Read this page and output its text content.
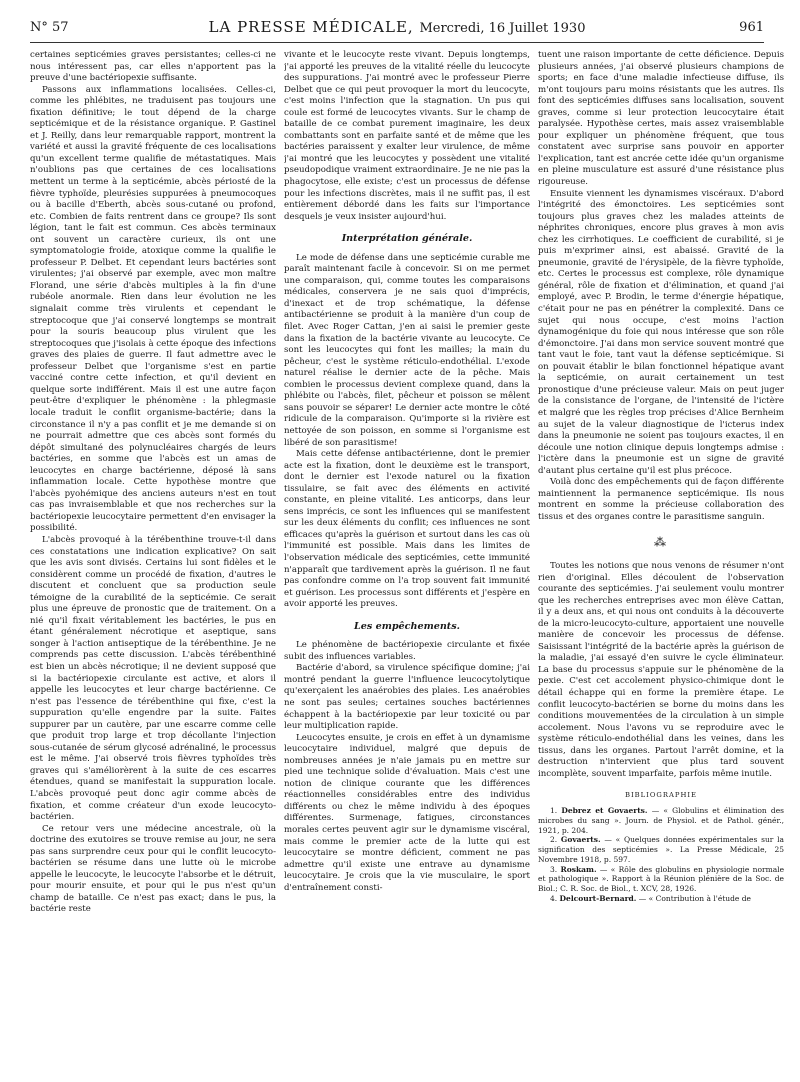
N° 57	LA PRESSE MÉDICALE, Mercredi, 16 Juillet 1930	961

certaines septicémies graves persistantes; celles-ci ne nous intéressent pas, car elles n'apportent pas la preuve d'une bactériopexie suffisante.

Passons aux inflammations localisées. Celles-ci, comme les phlébites, ne traduisent pas toujours une fixation définitive; le tout dépend de la charge septicémique et de la résistance organique. P. Gastinel et J. Reilly, dans leur remarquable rapport, montrent la variété et aussi la gravité fréquente de ces localisations qu'un excellent terme qualifie de métastatiques. Mais n'oublions pas que certaines de ces localisations mettent un terme à la septicémie, abcès périosté de la fièvre typhoïde, pleurésies suppurées à pneumocoques ou à bacille d'Eberth, abcès sous-cutané ou profond, etc. Combien de faits rentrent dans ce groupe? Ils sont légion, tant le fait est commun. Ces abcès terminaux ont souvent un caractère curieux, ils ont une symptomatologie froide, atoxique comme la qualifie le professeur P. Delbet. Et cependant leurs bactéries sont virulentes; j'ai observé par exemple, avec mon maître Florand, une série d'abcès multiples à la fin d'une rubéole anormale. Rien dans leur évolution ne les signalait comme très virulents et cependant le streptocoque que j'ai conservé longtemps se montrait pour la souris beaucoup plus virulent que les streptocoques que j'isolais à cette époque des infections graves des plaies de guerre. Il faut admettre avec le professeur Delbet que l'organisme s'est en partie vacciné contre cette infection, et qu'il devient en quelque sorte indifférent. Mais il est une autre façon peut-être d'expliquer le phénomène : la phlegmasie locale traduit le conflit organisme-bactérie; dans la circonstance il n'y a pas conflit et je me demande si on ne pourrait admettre que ces abcès sont formés du dépôt simultané des polynucléaires chargés de leurs bactéries, en somme que l'abcès est un amas de leucocytes en charge bactérienne, déposé là sans inflammation locale. Cette hypothèse montre que l'abcès pyohémique des anciens auteurs n'est en tout cas pas invraisemblable et que nos recherches sur la bactériopexie leucocytaire permettent d'en envisager la possibilité.

L'abcès provoqué à la térébenthine trouve-t-il dans ces constatations une indication explicative? On sait que les avis sont divisés. Certains lui sont fidèles et le considèrent comme un procédé de fixation, d'autres le discutent et concluent que sa production seule témoigne de la curabilité de la septicémie. Ce serait plus une épreuve de pronostic que de traitement. On a nié qu'il fixait véritablement les bactéries, le pus en étant généralement nécrotique et aseptique, sans songer à l'action antiseptique de la térébenthine. Je ne comprends pas cette discussion. L'abcès térébenthiné est bien un abcès nécrotique; il ne devient supposé que si la bactériopexie circulante est active, et alors il appelle les leucocytes et leur charge bactérienne. Ce n'est pas l'essence de térébenthine qui fixe, c'est la suppuration qu'elle engendre par la suite. Faites suppurer par un cautère, par une escarre comme celle que produit trop large et trop décollante l'injection sous-cutanée de sérum glycosé adrénaliné, le processus est le même. J'ai observé trois fièvres typhoïdes très graves qui s'améliorèrent à la suite de ces escarres étendues, quand se manifestait la suppuration locale. L'abcès provoqué peut donc agir comme abcès de fixation, et comme créateur d'un exode leucocyto-bactérien.

Ce retour vers une médecine ancestrale, où la doctrine des exutoires se trouve remise au jour, ne sera pas sans surprendre ceux pour qui le conflit leucocyto-bactérien se résume dans une lutte où le microbe appelle le leucocyte, le leucocyte l'absorbe et le détruit, pour mourir ensuite, et pour qui le pus n'est qu'un champ de bataille. Ce n'est pas exact; dans le pus, la bactérie reste

vivante et le leucocyte reste vivant. Depuis longtemps, j'ai apporté les preuves de la vitalité réelle du leucocyte des suppurations. J'ai montré avec le professeur Pierre Delbet que ce qui peut provoquer la mort du leucocyte, c'est moins l'infection que la stagnation. Un pus qui coule est formé de leucocytes vivants. Sur le champ de bataille de ce combat purement imaginaire, les deux combattants sont en parfaite santé et de même que les bactéries paraissent y exalter leur virulence, de même j'ai montré que les leucocytes y possèdent une vitalité pseudopodique vraiment extraordinaire. Je ne nie pas la phagocytose, elle existe; c'est un processus de défense pour les infections discrètes, mais il ne suffit pas, il est entièrement débordé dans les faits sur l'importance desquels je veux insister aujourd'hui.

Interprétation générale.

Le mode de défense dans une septicémie curable me paraît maintenant facile à concevoir. Si on me permet une comparaison, qui, comme toutes les comparaisons médicales, conservera je ne sais quoi d'imprécis, d'inexact et de trop schématique, la défense antibactérienne se produit à la manière d'un coup de filet. Avec Roger Cattan, j'en ai saisi le premier geste dans la fixation de la bactérie vivante au leucocyte. Ce sont les leucocytes qui font les mailles; la main du pêcheur, c'est le système réticulo-endothélial. L'exode naturel réalise le dernier acte de la pêche. Mais combien le processus devient complexe quand, dans la phlébite ou l'abcès, filet, pêcheur et poisson se mêlent sans pouvoir se séparer! Le dernier acte montre le côté ridicule de la comparaison. Qu'importe si la rivière est nettoyée de son poisson, en somme si l'organisme est libéré de son parasitisme!

Mais cette défense antibactérienne, dont le premier acte est la fixation, dont le deuxième est le transport, dont le dernier est l'exode naturel ou la fixation tissulaire, se fait avec des éléments en activité constante, en pleine vitalité. Les anticorps, dans leur sens imprécis, ce sont les influences qui se manifestent sur les deux éléments du conflit; ces influences ne sont efficaces qu'après la guérison et surtout dans les cas où l'immunité est possible. Mais dans les limites de l'observation médicale des septicémies, cette immunité n'apparaît que tardivement après la guérison. Il ne faut pas confondre comme on l'a trop souvent fait immunité et guérison. Les processus sont différents et j'espère en avoir apporté les preuves.

Les empêchements.

Le phénomène de bactériopexie circulante et fixée subit des influences variables.

Bactérie d'abord, sa virulence spécifique domine; j'ai montré pendant la guerre l'influence leucocytolytique qu'exerçaient les anaérobies des plaies. Les anaérobies ne sont pas seules; certaines souches bactériennes échappent à la bactériopexie par leur toxicité ou par leur multiplication rapide.

Leucocytes ensuite, je crois en effet à un dynamisme leucocytaire individuel, malgré que depuis de nombreuses années je n'aie jamais pu en mettre sur pied une technique solide d'évaluation. Mais c'est une notion de clinique courante que les différences réactionnelles considérables entre des individus différents ou chez le même individu à des époques différentes. Surmenage, fatigues, circonstances morales certes peuvent agir sur le dynamisme viscéral, mais comme le premier acte de la lutte qui est leucocytaire se montre déficient, comment ne pas admettre qu'il existe une entrave au dynamisme leucocytaire. Je crois que la vie musculaire, le sport d'entraînement consti-

tuent une raison importante de cette déficience. Depuis plusieurs années, j'ai observé plusieurs champions de sports; en face d'une maladie infectieuse diffuse, ils m'ont toujours paru moins résistants que les autres. Ils font des septicémies diffuses sans localisation, souvent graves, comme si leur protection leucocytaire était paralysée. Hypothèse certes, mais assez vraisemblable pour expliquer un phénomène fréquent, que tous constatent avec surprise sans pouvoir en apporter l'explication, tant est ancrée cette idée qu'un organisme en pleine musculature est assuré d'une résistance plus rigoureuse.

Ensuite viennent les dynamismes viscéraux. D'abord l'intégrité des émonctoires. Les septicémies sont toujours plus graves chez les malades atteints de néphrites chroniques, encore plus graves à mon avis chez les cirrhotiques. Le coefficient de curabilité, si je puis m'exprimer ainsi, est abaissé. Gravité de la pneumonie, gravité de l'érysipèle, de la fièvre typhoïde, etc. Certes le processus est complexe, rôle dynamique général, rôle de fixation et d'élimination, et quand j'ai employé, avec P. Brodin, le terme d'énergie hépatique, c'était pour ne pas en pénétrer la complexité. Dans ce sujet qui nous occupe, c'est moins l'action dynamogénique du foie qui nous intéresse que son rôle d'émonctoire. J'ai dans mon service souvent montré que tant vaut le foie, tant vaut la défense septicémique. Si on pouvait établir le bilan fonctionnel hépatique avant la septicémie, on aurait certainement un test pronostique d'une précieuse valeur. Mais on peut juger de la consistance de l'organe, de l'intensité de l'ictère et malgré que les règles trop précises d'Alice Bernheim au sujet de la valeur diagnostique de l'icterus index dans la pneumonie ne soient pas toujours exactes, il en découle une notion clinique depuis longtemps admise : l'ictère dans la pneumonie est un signe de gravité d'autant plus certaine qu'il est plus précoce.

Voilà donc des empêchements qui de façon différente maintiennent la permanence septicémique. Ils nous montrent en somme la précieuse collaboration des tissus et des organes contre le parasitisme sanguin.

⁂

Toutes les notions que nous venons de résumer n'ont rien d'original. Elles découlent de l'observation courante des septicémies. J'ai seulement voulu montrer que les recherches entreprises avec mon élève Cattan, il y a deux ans, et qui nous ont conduits à la découverte de la micro-leucocyto-culture, apportaient une nouvelle manière de concevoir les processus de défense. Saisissant l'intégrité de la bactérie après la guérison de la maladie, j'ai essayé d'en suivre le cycle éliminateur. La base du processus s'appuie sur le phénomène de la pexie. C'est cet accolement physico-chimique dont le détail échappe qui en forme la première étape. Le conflit leucocyto-bactérien se borne du moins dans les conditions mouvementées de la circulation à un simple accolement. Nous l'avons vu se reproduire avec le système réticulo-endothélial dans les veines, dans les tissus, dans les organes. Partout l'arrêt domine, et la destruction n'intervient que plus tard souvent incomplète, souvent imparfaite, parfois même inutile.

BIBLIOGRAPHIE

1. Debrez et Govaerts. — « Globulins et élimination des microbes du sang ». Journ. de Physiol. et de Pathol. génér., 1921, p. 204.

2. Govaerts. — « Quelques données expérimentales sur la signification des septicémies ». La Presse Médicale, 25 Novembre 1918, p. 597.

3. Roskam. — « Rôle des globulins en physiologie normale et pathologique ». Rapport à la Réunion plénière de la Soc. de Biol.; C. R. Soc. de Biol., t. XCV, 28, 1926.

4. Delcourt-Bernard. — « Contribution à l'étude de
